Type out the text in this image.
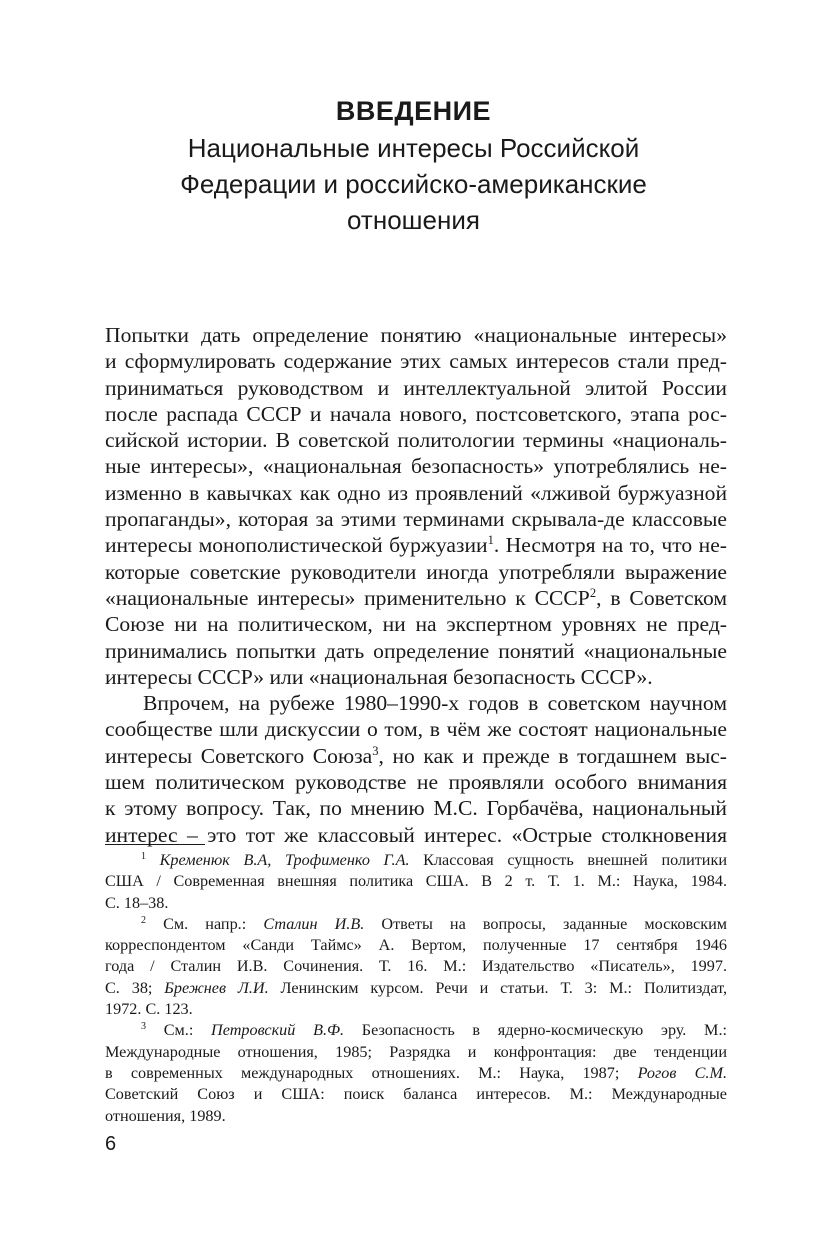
ВВЕДЕНИЕ
Национальные интересы Российской
Федерации и российско-американские
отношения

Попытки дать определение понятию «национальные интересы»
и сформулировать содержание этих самых интересов стали пред-
приниматься руководством и интеллектуальной элитой России
после распада СССР и начала нового, постсоветского, этапа рос-
сийской истории. В советской политологии термины «националь-
ные интересы», «национальная безопасность» употреблялись не-
изменно в кавычках как одно из проявлений «лживой буржуазной
пропаганды», которая за этими терминами скрывала-де классовые
интересы монополистической буржуазии$^1$. Несмотря на то, что не-
которые советские руководители иногда употребляли выражение
«национальные интересы» применительно к СССР$^2$, в Советском
Союзе ни на политическом, ни на экспертном уровнях не пред-
принимались попытки дать определение понятий «национальные
интересы СССР» или «национальная безопасность СССР».

Впрочем, на рубеже 1980–1990-х годов в советском научном
сообществе шли дискуссии о том, в чём же состоят национальные
интересы Советского Союза$^3$, но как и прежде в тогдашнем выс-
шем политическом руководстве не проявляли особого внимания
к этому вопросу. Так, по мнению М.С. Горбачёва, национальный
интерес – это тот же классовый интерес. «Острые столкновения

$^1$ Кременюк В.А, Трофименко Г.А. Классовая сущность внешней политики
США / Современная внешняя политика США. В 2 т. Т. 1. М.: Наука, 1984.
С. 18–38.
$^2$ См. напр.: Сталин И.В. Ответы на вопросы, заданные московским
корреспондентом «Санди Таймс» А. Вертом, полученные 17 сентября 1946
года / Сталин И.В. Сочинения. Т. 16. М.: Издательство «Писатель», 1997.
С. 38; Брежнев Л.И. Ленинским курсом. Речи и статьи. Т. 3: М.: Политиздат,
1972. С. 123.
$^3$ См.: Петровский В.Ф. Безопасность в ядерно-космическую эру. М.:
Международные отношения, 1985; Разрядка и конфронтация: две тенденции
в современных международных отношениях. М.: Наука, 1987; Рогов С.М.
Советский Союз и США: поиск баланса интересов. М.: Международные
отношения, 1989.
6
